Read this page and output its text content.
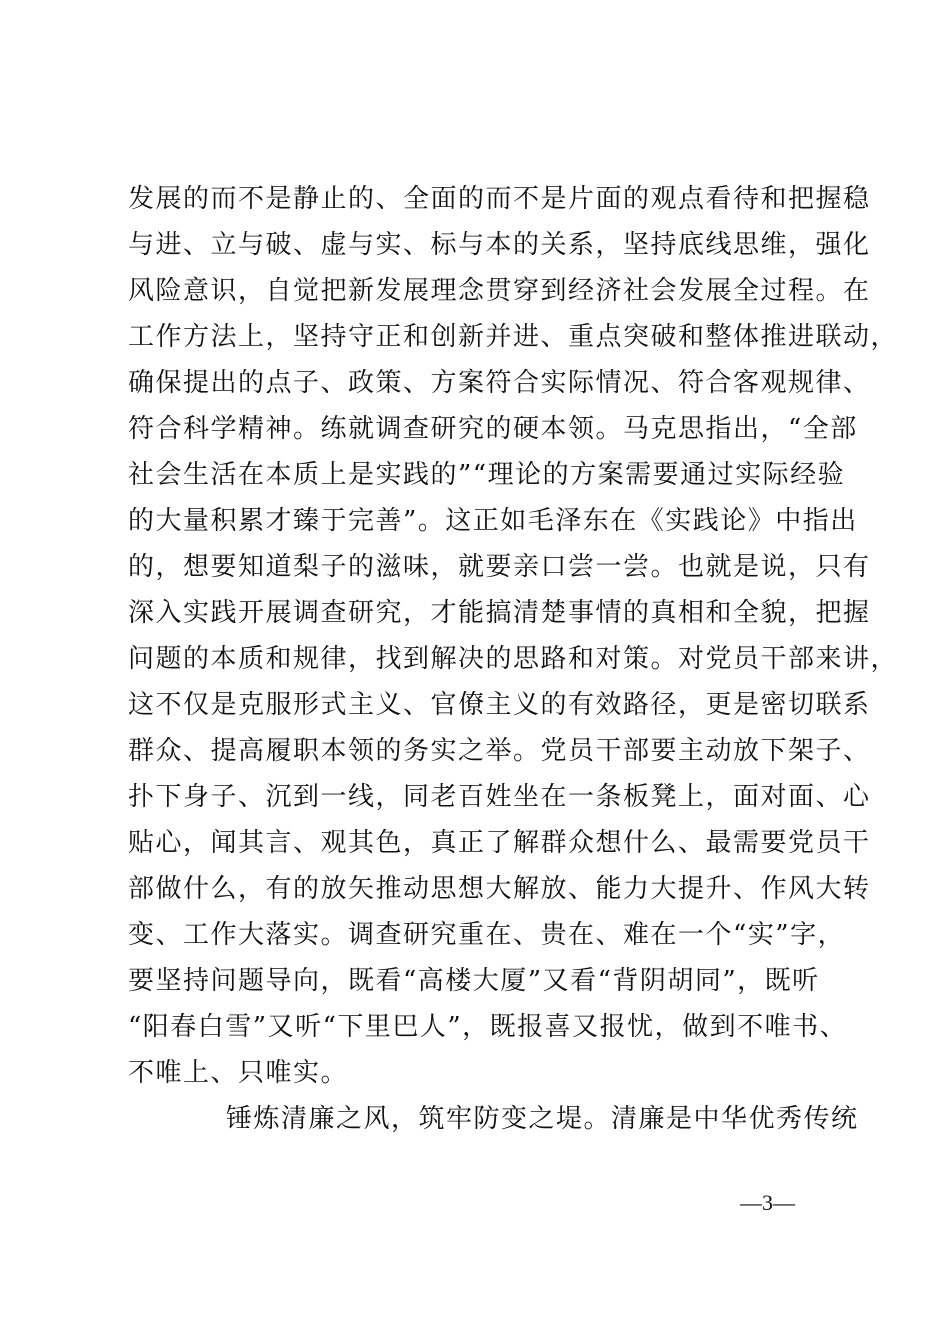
发展的而不是静止的、全面的而不是片面的观点看待和把握稳
与进、立与破、虚与实、标与本的关系，坚持底线思维，强化
风险意识，自觉把新发展理念贯穿到经济社会发展全过程。在
工作方法上，坚持守正和创新并进、重点突破和整体推进联动，
确保提出的点子、政策、方案符合实际情况、符合客观规律、
符合科学精神。练就调查研究的硬本领。马克思指出，“全部
社会生活在本质上是实践的”“理论的方案需要通过实际经验
的大量积累才臻于完善”。这正如毛泽东在《实践论》中指出
的，想要知道梨子的滋味，就要亲口尝一尝。也就是说，只有
深入实践开展调查研究，才能搞清楚事情的真相和全貌，把握
问题的本质和规律，找到解决的思路和对策。对党员干部来讲，
这不仅是克服形式主义、官僚主义的有效路径，更是密切联系
群众、提高履职本领的务实之举。党员干部要主动放下架子、
扑下身子、沉到一线，同老百姓坐在一条板凳上，面对面、心
贴心，闻其言、观其色，真正了解群众想什么、最需要党员干
部做什么，有的放矢推动思想大解放、能力大提升、作风大转
变、工作大落实。调查研究重在、贵在、难在一个“实”字，
要坚持问题导向，既看“高楼大厦”又看“背阴胡同”，既听
“阳春白雪”又听“下里巴人”，既报喜又报忧，做到不唯书、
不唯上、只唯实。
锤炼清廉之风，筑牢防变之堤。清廉是中华优秀传统
—3—
